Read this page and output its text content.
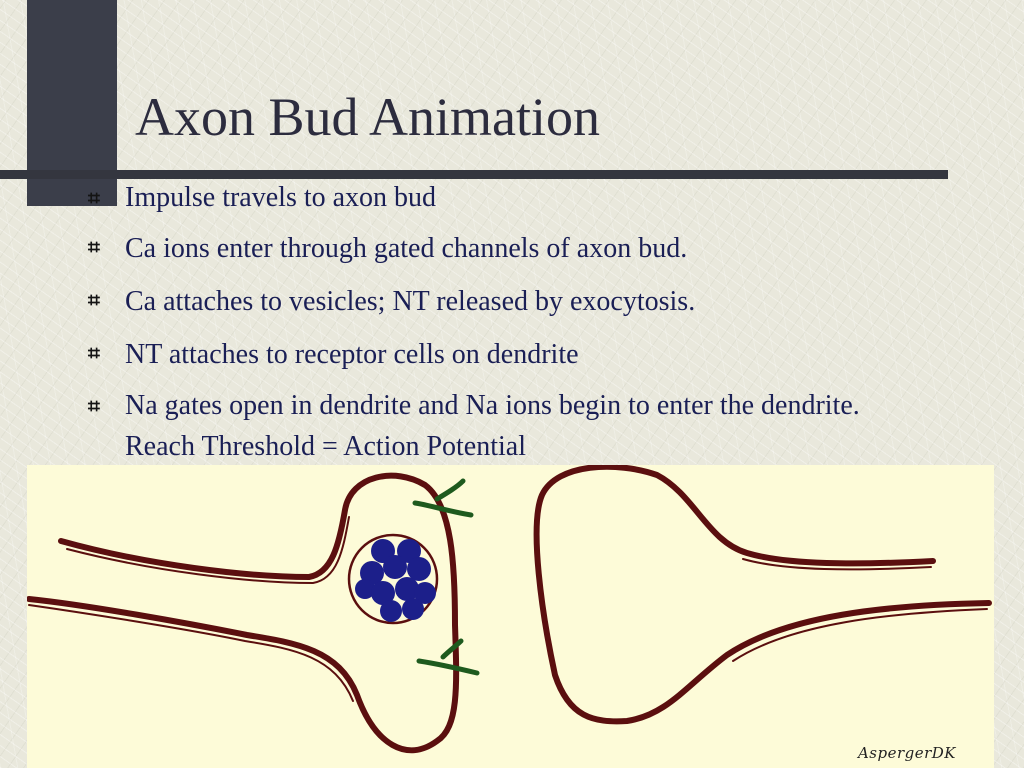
Axon Bud Animation
⌗ Impulse travels to axon bud
⌗ Ca ions enter through gated channels of axon bud.
⌗ Ca attaches to vesicles; NT released by exocytosis.
⌗ NT attaches to receptor cells on dendrite
⌗ Na gates open in dendrite and Na ions begin to enter the dendrite. Reach Threshold = Action Potential
AspergerDK
